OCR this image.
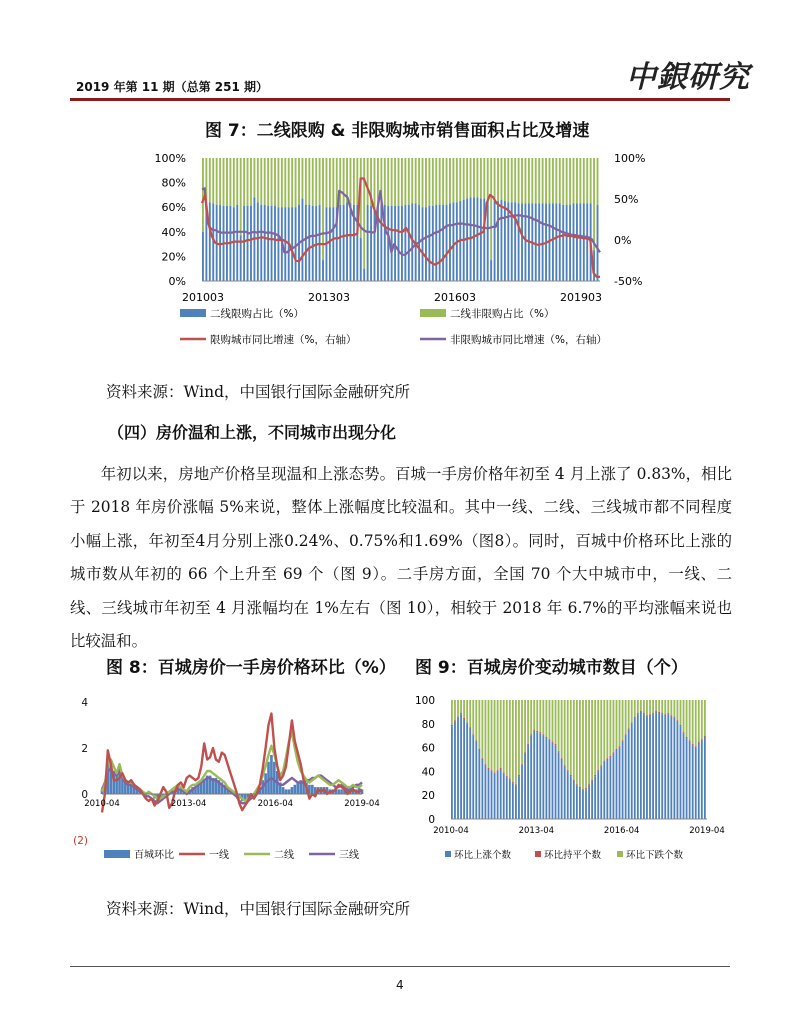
2019 年第 11 期（总第 251 期）	中銀研究
图 7：二线限购 & 非限购城市销售面积占比及增速
100%
80%
60%
40%
20%
0%
100%
50%
0%
-50%
201003	201303	201603	201903
二线限购占比（%）	二线非限购占比（%）
限购城市同比增速（%，右轴）	非限购城市同比增速（%，右轴）
资料来源：Wind，中国银行国际金融研究所
（四）房价温和上涨，不同城市出现分化

年初以来，房地产价格呈现温和上涨态势。百城一手房价格年初至 4 月上涨了 0.83%，相比于 2018 年房价涨幅 5%来说，整体上涨幅度比较温和。其中一线、二线、三线城市都不同程度小幅上涨，年初至4月分别上涨0.24%、0.75%和1.69%（图8）。同时，百城中价格环比上涨的城市数从年初的 66 个上升至 69 个（图 9）。二手房方面，全国 70 个大中城市中，一线、二线、三线城市年初至 4 月涨幅均在 1%左右（图 10），相较于 2018 年 6.7%的平均涨幅来说也比较温和。

图 8：百城房价一手房价格环比（%） 图 9：百城房价变动城市数目（个）
4
2
0
(2)
2010-04	2013-04	2016-04	2019-04
百城环比	一线	二线	三线
100
80
60
40
20
0
2010-04	2013-04	2016-04	2019-04
环比上涨个数	环比持平个数	环比下跌个数
资料来源：Wind，中国银行国际金融研究所
4
